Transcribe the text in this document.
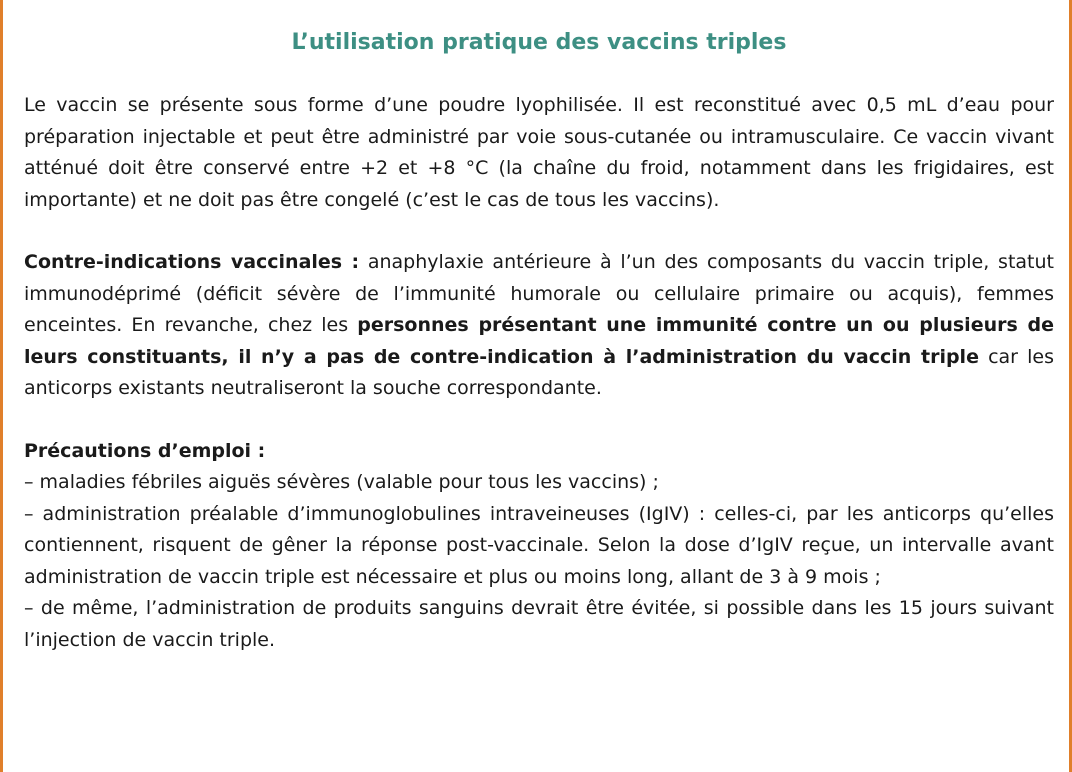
L’utilisation pratique des vaccins triples

Le vaccin se présente sous forme d’une poudre lyophilisée. Il est reconstitué avec 0,5 mL d’eau pour préparation injectable et peut être administré par voie sous-cutanée ou intramusculaire. Ce vaccin vivant atténué doit être conservé entre +2 et +8 °C (la chaîne du froid, notamment dans les frigidaires, est importante) et ne doit pas être congelé (c’est le cas de tous les vaccins).

Contre-indications vaccinales : anaphylaxie antérieure à l’un des composants du vaccin triple, statut immunodéprimé (déficit sévère de l’immunité humorale ou cellulaire primaire ou acquis), femmes enceintes. En revanche, chez les personnes présentant une immunité contre un ou plusieurs de leurs constituants, il n’y a pas de contre-indication à l’administration du vaccin triple car les anticorps existants neutraliseront la souche correspondante.

Précautions d’emploi :

– maladies fébriles aiguës sévères (valable pour tous les vaccins) ;

– administration préalable d’immunoglobulines intraveineuses (IgIV) : celles-ci, par les anticorps qu’elles contiennent, risquent de gêner la réponse post-vaccinale. Selon la dose d’IgIV reçue, un intervalle avant administration de vaccin triple est nécessaire et plus ou moins long, allant de 3 à 9 mois ;

– de même, l’administration de produits sanguins devrait être évitée, si possible dans les 15 jours suivant l’injection de vaccin triple.
